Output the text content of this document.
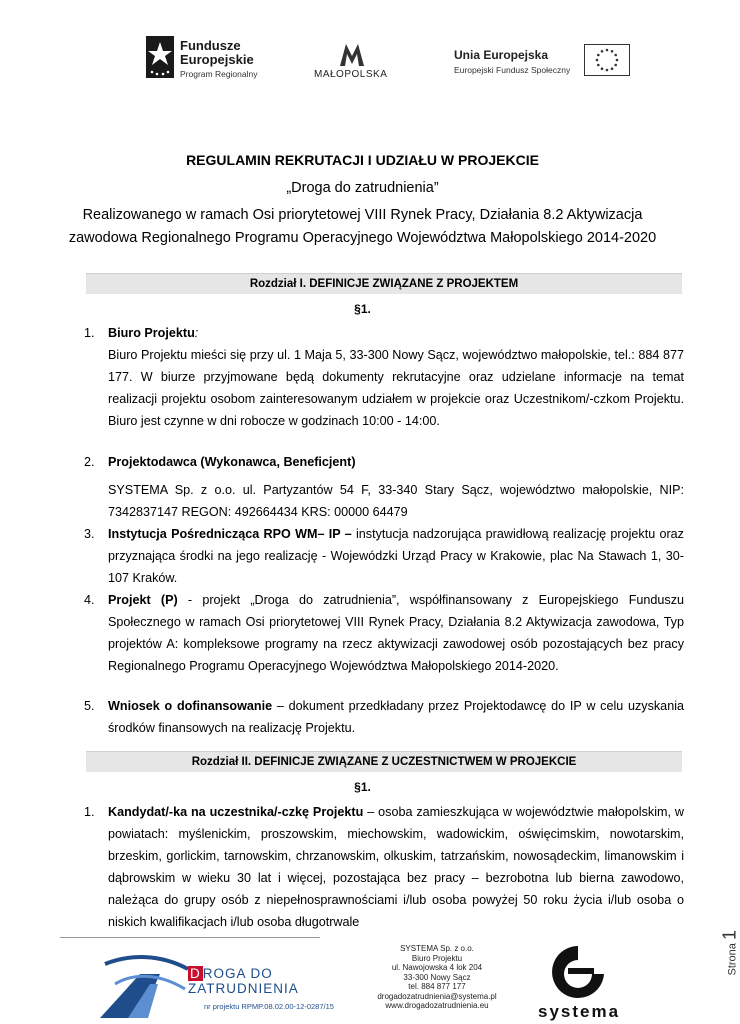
Fundusze
Europejskie
Program Regionalny	MAŁOPOLSKA
Unia Europejska
Europejski Fundusz Społeczny
REGULAMIN REKRUTACJI I UDZIAŁU W PROJEKCIE
„Droga do zatrudnienia”
Realizowanego w ramach Osi priorytetowej VIII Rynek Pracy, Działania 8.2 Aktywizacja
zawodowa Regionalnego Programu Operacyjnego Województwa Małopolskiego 2014-2020
Rozdział I. DEFINICJE ZWIĄZANE Z PROJEKTEM
§1.
1.	Biuro Projektu:
Biuro Projektu mieści się przy ul. 1 Maja 5, 33-300 Nowy Sącz, województwo małopolskie, tel.: 884 877 177. W biurze przyjmowane będą dokumenty rekrutacyjne oraz udzielane informacje na temat realizacji projektu osobom zainteresowanym udziałem w projekcie oraz Uczestnikom/-czkom Projektu. Biuro jest czynne w dni robocze w godzinach 10:00 - 14:00.
2.	Projektodawca (Wykonawca, Beneficjent)
SYSTEMA Sp. z o.o. ul. Partyzantów 54 F, 33-340 Stary Sącz, województwo małopolskie, NIP: 7342837147 REGON: 492664434 KRS: 00000 64479
3.	Instytucja Pośrednicząca RPO WM– IP – instytucja nadzorująca prawidłową realizację projektu oraz przyznająca środki na jego realizację - Wojewódzki Urząd Pracy w Krakowie, plac Na Stawach 1, 30-107 Kraków.
4.	Projekt (P) - projekt „Droga do zatrudnienia”, współfinansowany z Europejskiego Funduszu Społecznego w ramach Osi priorytetowej VIII Rynek Pracy, Działania 8.2 Aktywizacja zawodowa, Typ projektów A: kompleksowe programy na rzecz aktywizacji zawodowej osób pozostających bez pracy Regionalnego Programu Operacyjnego Województwa Małopolskiego 2014-2020.
5.	Wniosek o dofinansowanie – dokument przedkładany przez Projektodawcę do IP w celu uzyskania środków finansowych na realizację Projektu.
Rozdział II. DEFINICJE ZWIĄZANE Z UCZESTNICTWEM W PROJEKCIE
§1.
1.	Kandydat/-ka na uczestnika/-czkę Projektu – osoba zamieszkująca w województwie małopolskim, w powiatach: myślenickim, proszowskim, miechowskim, wadowickim, oświęcimskim, nowotarskim, brzeskim, gorlickim, tarnowskim, chrzanowskim, olkuskim, tatrzańskim, nowosądeckim, limanowskim i dąbrowskim w wieku 30 lat i więcej, pozostająca bez pracy – bezrobotna lub bierna zawodowo, należąca do grupy osób z niepełnosprawnościami i/lub osoba powyżej 50 roku życia i/lub osoba o niskich kwalifikacjach i/lub osoba długotrwale
Strona 1
D ROGA DO ZATRUDNIENIA
nr projektu RPMP.08.02.00-12-0287/15
SYSTEMA Sp. z o.o.
Biuro Projektu
ul. Nawojowska 4 lok 204
33-300 Nowy Sącz
tel. 884 877 177
drogadozatrudnienia@systema.pl
www.drogadozatrudnienia.eu	systema
